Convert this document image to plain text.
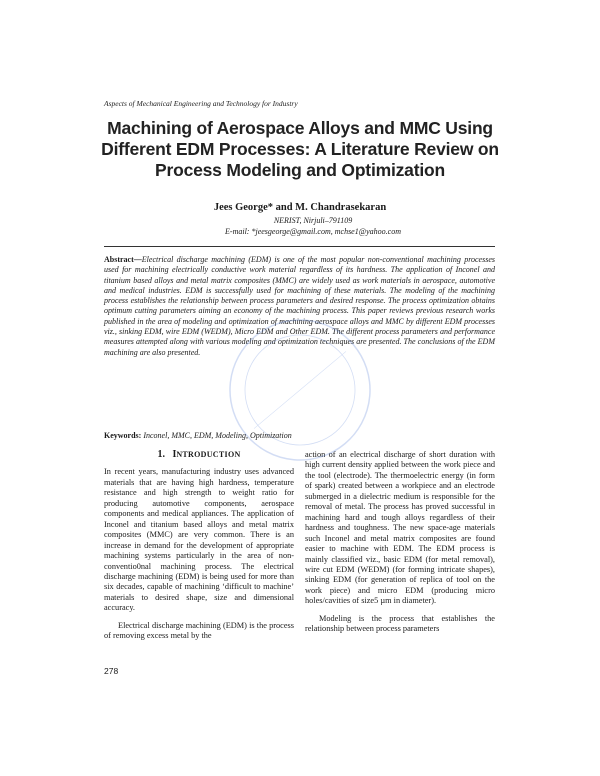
Aspects of Mechanical Engineering and Technology for Industry
Machining of Aerospace Alloys and MMC Using
Different EDM Processes: A Literature Review on
Process Modeling and Optimization
Jees George* and M. Chandrasekaran
NERIST, Nirjuli–791109
E-mail: *jeesgeorge@gmail.com, mchse1@yahoo.com
Abstract—Electrical discharge machining (EDM) is one of the most popular non-conventional machining processes used for machining electrically conductive work material regardless of its hardness. The application of Inconel and titanium based alloys and metal matrix composites (MMC) are widely used as work materials in aerospace, automotive and medical industries. EDM is successfully used for machining of these materials. The modeling of the machining process establishes the relationship between process parameters and desired response. The process optimization obtains optimum cutting parameters aiming an economy of the machining process. This paper reviews previous research works published in the area of modeling and optimization of machining aerospace alloys and MMC by different EDM processes viz., sinking EDM, wire EDM (WEDM), Micro EDM and Other EDM. The different process parameters and performance measures attempted along with various modeling and optimization techniques are presented. The conclusions of the EDM machining are also presented.
Keywords: Inconel, MMC, EDM, Modeling, Optimization
1. INTRODUCTION

In recent years, manufacturing industry uses advanced materials that are having high hardness, temperature resistance and high strength to weight ratio for producing automotive components, aerospace components and medical appliances. The application of Inconel and titanium based alloys and metal matrix composites (MMC) are very common. There is an increase in demand for the development of appropriate machining systems particularly in the area of non-conventio0nal machining process. The electrical discharge machining (EDM) is being used for more than six decades, capable of machining ‘difficult to machine’ materials to desired shape, size and dimensional accuracy.

Electrical discharge machining (EDM) is the process of removing excess metal by the

action of an electrical discharge of short duration with high current density applied between the work piece and the tool (electrode). The thermoelectric energy (in form of spark) created between a workpiece and an electrode submerged in a dielectric medium is responsible for the removal of metal. The process has proved successful in machining hard and tough alloys regardless of their hardness and toughness. The new space-age materials such Inconel and metal matrix composites are found easier to machine with EDM. The EDM process is mainly classified viz., basic EDM (for metal removal), wire cut EDM (WEDM) (for forming intricate shapes), sinking EDM (for generation of replica of tool on the work piece) and micro EDM (producing micro holes/cavities of size5 µm in diameter).

Modeling is the process that establishes the relationship between process parameters

278
